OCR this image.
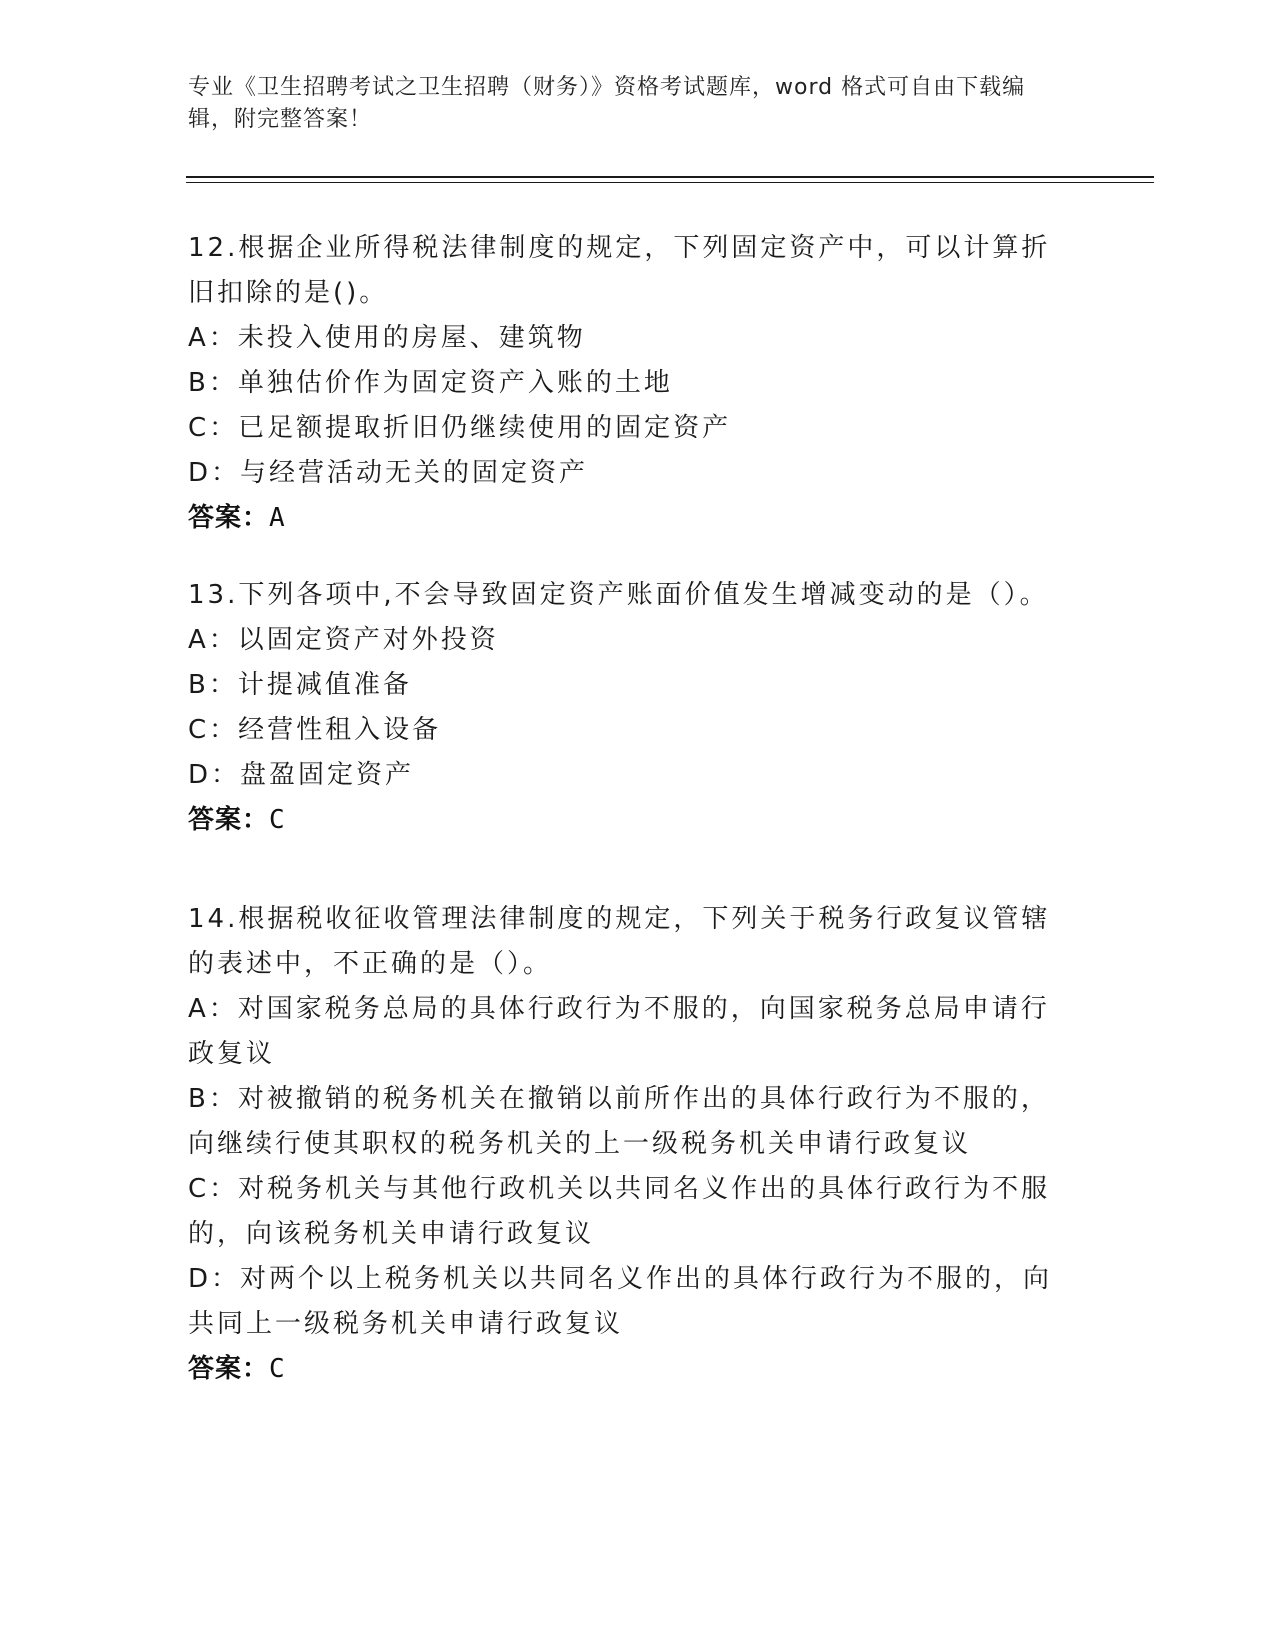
专业《卫生招聘考试之卫生招聘（财务）》资格考试题库，word 格式可自由下载编辑，附完整答案！

12.根据企业所得税法律制度的规定，下列固定资产中，可以计算折旧扣除的是()。

A：未投入使用的房屋、建筑物

B：单独估价作为固定资产入账的土地

C：已足额提取折旧仍继续使用的固定资产

D：与经营活动无关的固定资产

答案：A

13.下列各项中,不会导致固定资产账面价值发生增减变动的是（）。

A：以固定资产对外投资

B：计提减值准备

C：经营性租入设备

D：盘盈固定资产

答案：C

14.根据税收征收管理法律制度的规定，下列关于税务行政复议管辖的表述中，不正确的是（）。

A：对国家税务总局的具体行政行为不服的，向国家税务总局申请行政复议

B：对被撤销的税务机关在撤销以前所作出的具体行政行为不服的，向继续行使其职权的税务机关的上一级税务机关申请行政复议

C：对税务机关与其他行政机关以共同名义作出的具体行政行为不服的，向该税务机关申请行政复议

D：对两个以上税务机关以共同名义作出的具体行政行为不服的，向共同上一级税务机关申请行政复议

答案：C
